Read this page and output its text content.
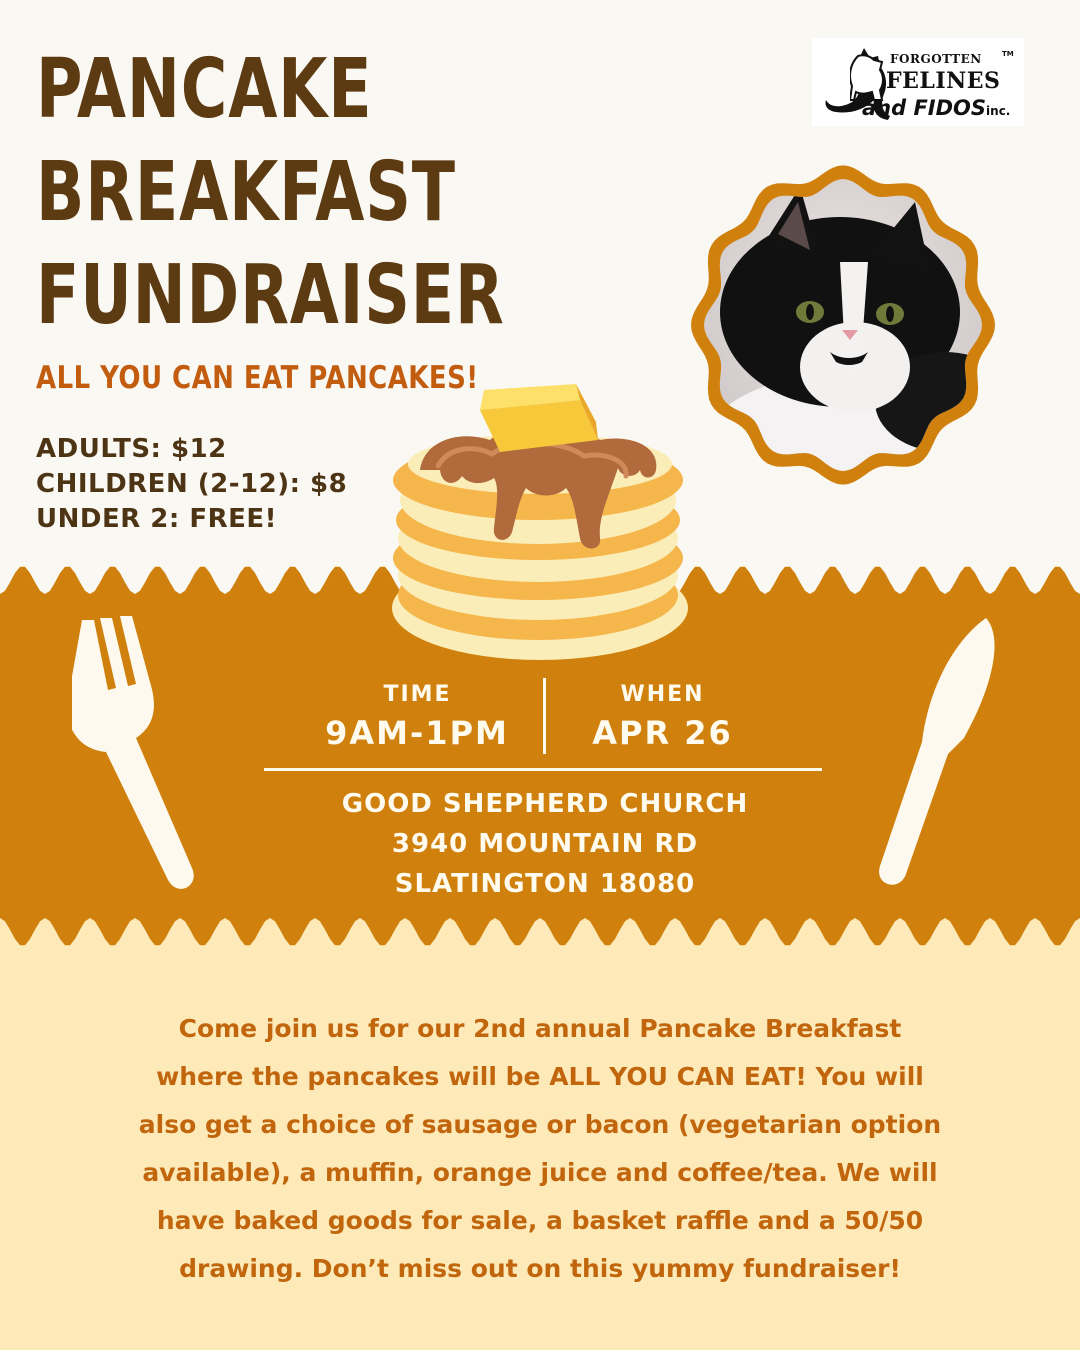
PANCAKE
BREAKFAST
FUNDRAISER
ALL YOU CAN EAT PANCAKES!
ADULTS: $12
CHILDREN (2-12): $8
UNDER 2: FREE!
FORGOTTEN	TM
FELINES
and FIDOSinc.
TIME
9AM-1PM
WHEN
APR 26
GOOD SHEPHERD CHURCH
3940 MOUNTAIN RD
SLATINGTON 18080
Come join us for our 2nd annual Pancake Breakfast
where the pancakes will be ALL YOU CAN EAT! You will
also get a choice of sausage or bacon (vegetarian option
available), a muffin, orange juice and coffee/tea. We will
have baked goods for sale, a basket raffle and a 50/50
drawing. Don’t miss out on this yummy fundraiser!
